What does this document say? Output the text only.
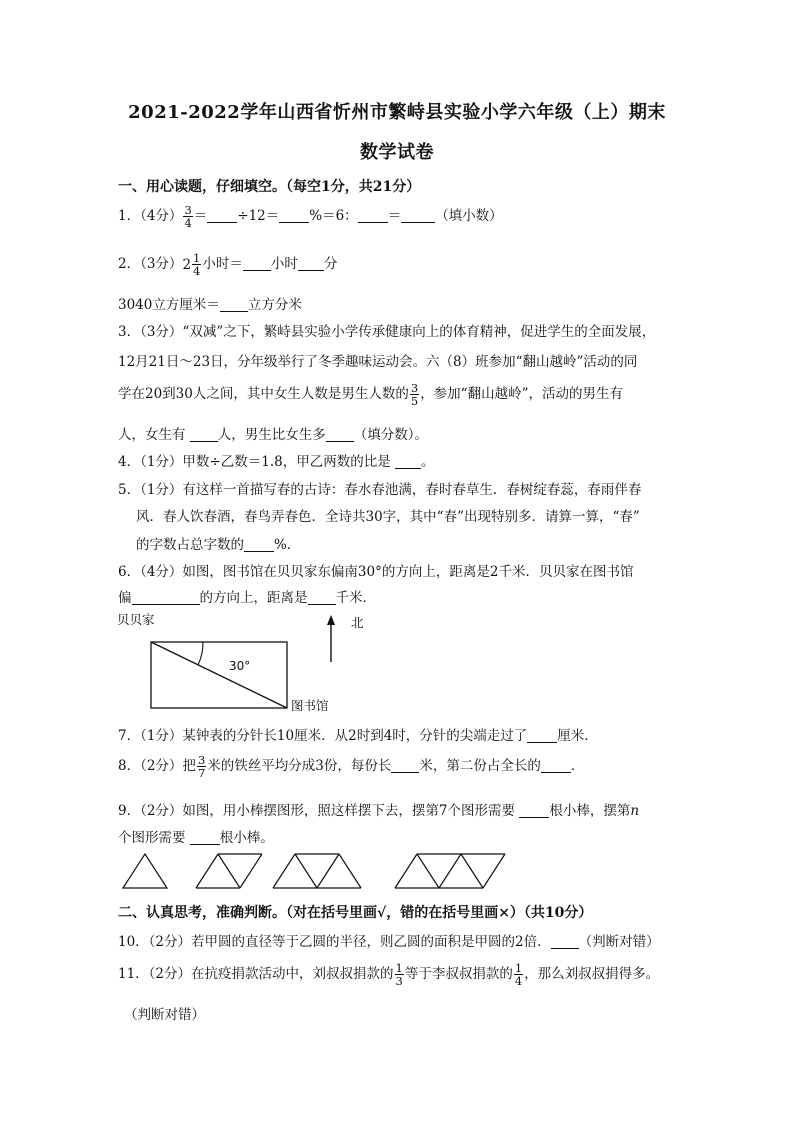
2021-2022学年山西省忻州市繁峙县实验小学六年级（上）期末
数学试卷
一、用心读题，仔细填空。（每空1分，共21分）
1．（4分） $\frac{3}{4} = \div 12= \%=6$： ＝	（填小数）
2．（3分） $2 \frac{1}{4}$ 小时＝ 小时 分
3040立方厘米＝ 立方分米
3．（3分）“双减”之下，繁峙县实验小学传承健康向上的体育精神，促进学生的全面发展，
12月21日～23日，分年级举行了冬季趣味运动会。六（8）班参加“翻山越岭”活动的同
学在20到30人之间，其中女生人数是男生人数的 $\frac{3}{5}$ ，参加“翻山越岭”，活动的男生有
人，女生有 人，男生比女生多 （填分数）。
4．（1分）甲数÷乙数＝1.8，甲乙两数的比是 。
5．（1分）有这样一首描写春的古诗：春水春池满，春时春草生．春树绽春蕊，春雨伴春
风．春人饮春酒，春鸟弄春色．全诗共30字，其中“春”出现特别多．请算一算，“春”
的字数占总字数的 %．
6．（4分）如图，图书馆在贝贝家东偏南30°的方向上，距离是2千米．贝贝家在图书馆
偏	的方向上，距离是 千米．
贝贝家
30°
图书馆
北
7．（1分）某钟表的分针长10厘米．从2时到4时，分针的尖端走过了 厘米．
8．（2分）把 $\frac{3}{7}$ 米的铁丝平均分成3份，每份长 米，第二份占全长的 ．
9．（2分）如图，用小棒摆图形，照这样摆下去，摆第7个图形需要	根小棒，摆第n
个图形需要	根小棒。
二、认真思考，准确判断。（对在括号里画√，错的在括号里画×）（共10分）
10．（2分）若甲圆的直径等于乙圆的半径，则乙圆的面积是甲圆的2倍． （判断对错）
11．（2分）在抗疫捐款活动中，刘叔叔捐款的 $\frac{1}{3}$ 等于李叔叔捐款的 $\frac{1}{4}$ ，那么刘叔叔捐得多。
（判断对错）
